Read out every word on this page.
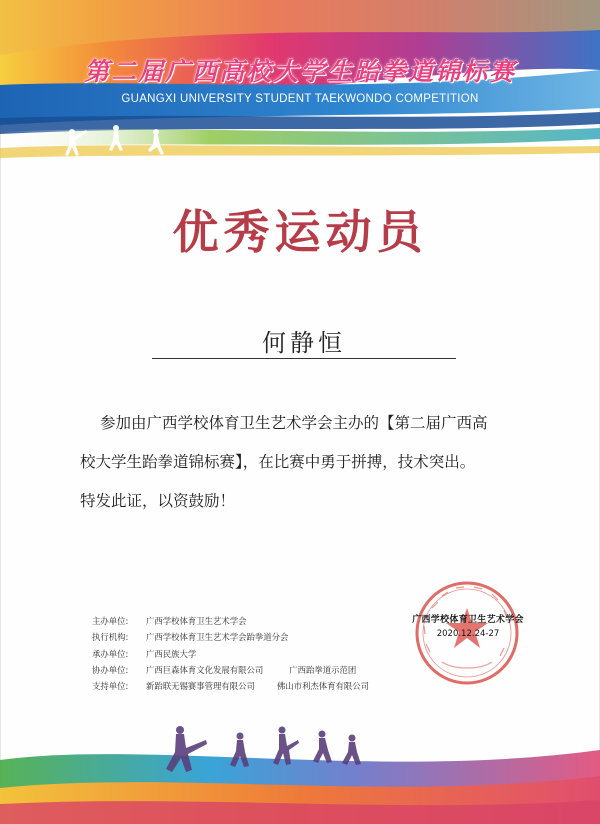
第二届广西高校大学生跆拳道锦标赛
GUANGXI UNIVERSITY STUDENT TAEKWONDO COMPETITION
优秀运动员
何静恒

参加由广西学校体育卫生艺术学会主办的【第二届广西高

校大学生跆拳道锦标赛】，在比赛中勇于拼搏，技术突出。

特发此证，以资鼓励！

主办单位: 广西学校体育卫生艺术学会
执行机构: 广西学校体育卫生艺术学会跆拳道分会
承办单位: 广西民族大学
协办单位: 广西巨森体育文化发展有限公司	广西跆拳道示范团
支持单位: 新跆联无锡赛事管理有限公司	佛山市利杰体育有限公司
广西学校体育卫生艺术学会
2020.12.24-27
